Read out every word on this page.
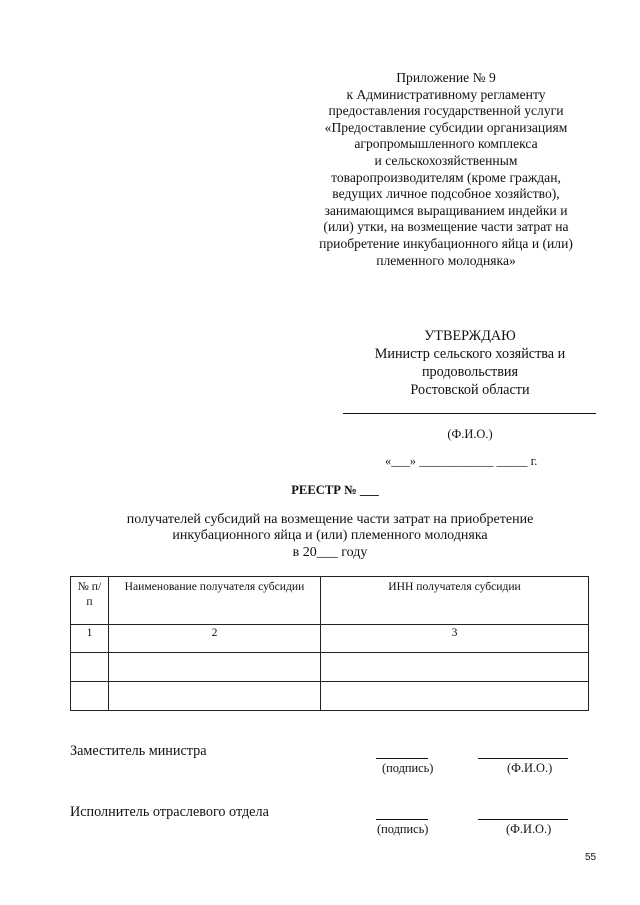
Приложение № 9
к Административному регламенту
предоставления государственной услуги
«Предоставление субсидии организациям
агропромышленного комплекса
и сельскохозяйственным
товаропроизводителям (кроме граждан,
ведущих личное подсобное хозяйство),
занимающимся выращиванием индейки и
(или) утки, на возмещение части затрат на
приобретение инкубационного яйца и (или)
племенного молодняка»
УТВЕРЖДАЮ
Министр сельского хозяйства и
продовольствия
Ростовской области
(Ф.И.О.)
«___» ____________ _____ г.
РЕЕСТР № ___
получателей субсидий на возмещение части затрат на приобретение
инкубационного яйца и (или) племенного молодняка
в 20___ году
№ п/п	Наименование получателя субсидии	ИНН получателя субсидии
1	2	3

Заместитель министра
(подпись)	(Ф.И.О.)
Исполнитель отраслевого отдела
(подпись)	(Ф.И.О.)
55
